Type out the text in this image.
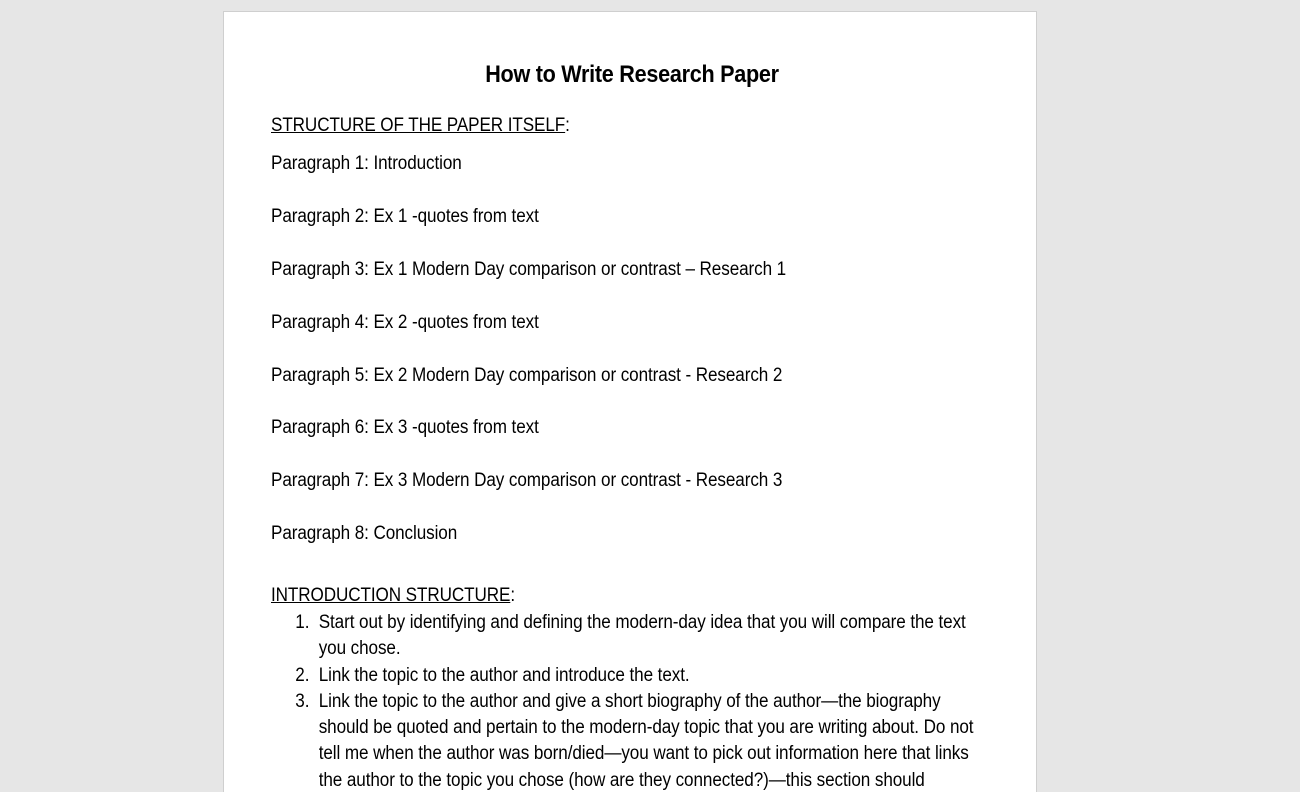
How to Write Research Paper
STRUCTURE OF THE PAPER ITSELF:
Paragraph 1: Introduction
Paragraph 2: Ex 1 -quotes from text
Paragraph 3: Ex 1 Modern Day comparison or contrast – Research 1
Paragraph 4: Ex 2 -quotes from text
Paragraph 5: Ex 2 Modern Day comparison or contrast - Research 2
Paragraph 6: Ex 3 -quotes from text
Paragraph 7: Ex 3 Modern Day comparison or contrast - Research 3
Paragraph 8: Conclusion
INTRODUCTION STRUCTURE:
1. Start out by identifying and defining the modern-day idea that you will compare the text you chose.
2. Link the topic to the author and introduce the text.
3. Link the topic to the author and give a short biography of the author—the biography should be quoted and pertain to the modern-day topic that you are writing about. Do not tell me when the author was born/died—you want to pick out information here that links the author to the topic you chose (how are they connected?)—this section should
